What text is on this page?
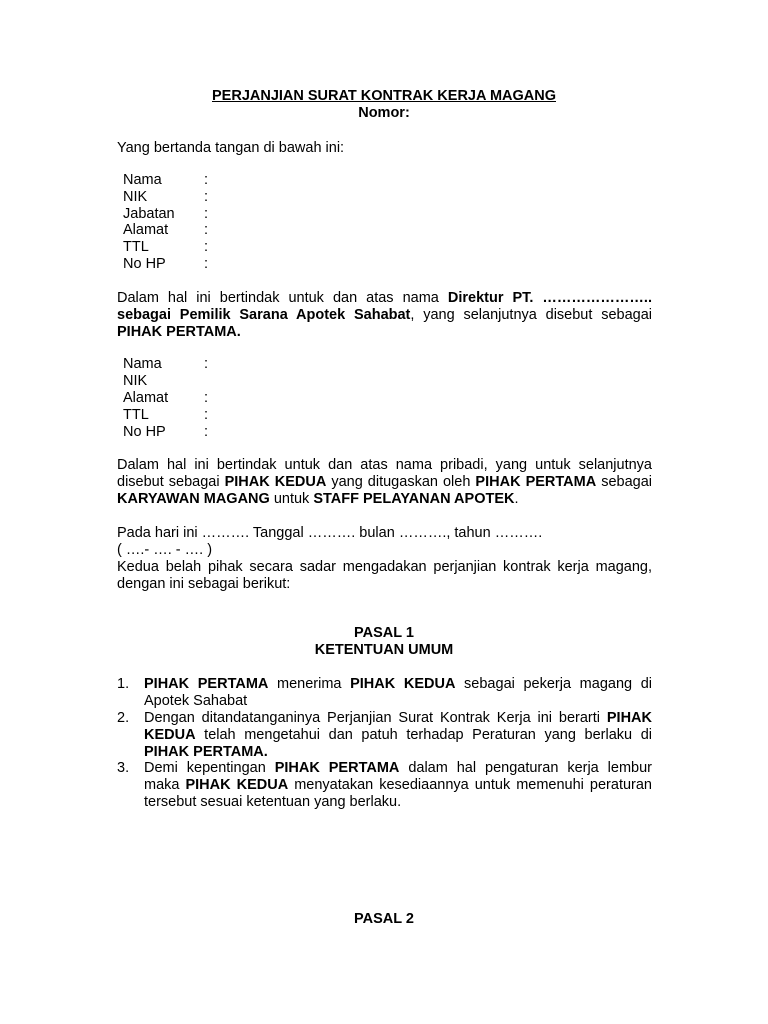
PERJANJIAN SURAT KONTRAK KERJA MAGANG
Nomor:
Yang bertanda tangan di bawah ini:
Nama	:
NIK	:
Jabatan :
Alamat :
TTL	:
No HP	:
Dalam hal ini bertindak untuk dan atas nama Direktur PT. ………………….. sebagai Pemilik Sarana Apotek Sahabat, yang selanjutnya disebut sebagai PIHAK PERTAMA.
Nama	:
NIK
Alamat :
TTL	:
No HP	:
Dalam hal ini bertindak untuk dan atas nama pribadi, yang untuk selanjutnya disebut sebagai PIHAK KEDUA yang ditugaskan oleh PIHAK PERTAMA sebagai KARYAWAN MAGANG untuk STAFF PELAYANAN APOTEK.
Pada hari ini ………. Tanggal ………. bulan ………., tahun ……….
( ….- …. - …. )
Kedua belah pihak secara sadar mengadakan perjanjian kontrak kerja magang, dengan ini sebagai berikut:
PASAL 1
KETENTUAN UMUM
1. PIHAK PERTAMA menerima PIHAK KEDUA sebagai pekerja magang di Apotek Sahabat
2. Dengan ditandatanganinya Perjanjian Surat Kontrak Kerja ini berarti PIHAK KEDUA telah mengetahui dan patuh terhadap Peraturan yang berlaku di PIHAK PERTAMA.
3. Demi kepentingan PIHAK PERTAMA dalam hal pengaturan kerja lembur maka PIHAK KEDUA menyatakan kesediaannya untuk memenuhi peraturan tersebut sesuai ketentuan yang berlaku.
PASAL 2
